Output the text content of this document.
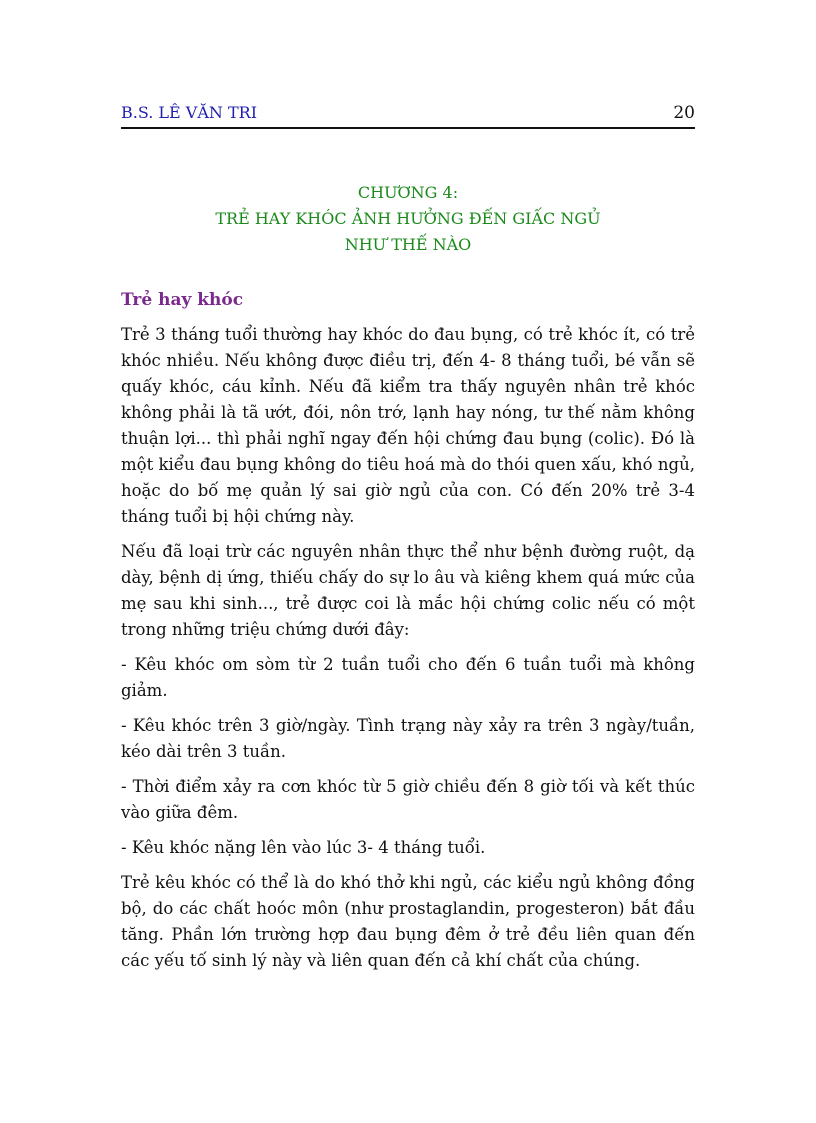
B.S. LÊ VĂN TRI	20
CHƯƠNG 4:
TRẺ HAY KHÓC ẢNH HƯỞNG ĐẾN GIẤC NGỦ
NHƯ THẾ NÀO
Trẻ hay khóc

Trẻ 3 tháng tuổi thường hay khóc do đau bụng, có trẻ khóc ít, có trẻ khóc nhiều. Nếu không được điều trị, đến 4- 8 tháng tuổi, bé vẫn sẽ quấy khóc, cáu kỉnh. Nếu đã kiểm tra thấy nguyên nhân trẻ khóc không phải là tã ướt, đói, nôn trớ, lạnh hay nóng, tư thế nằm không thuận lợi... thì phải nghĩ ngay đến hội chứng đau bụng (colic). Đó là một kiểu đau bụng không do tiêu hoá mà do thói quen xấu, khó ngủ, hoặc do bố mẹ quản lý sai giờ ngủ của con. Có đến 20% trẻ 3-4 tháng tuổi bị hội chứng này.

Nếu đã loại trừ các nguyên nhân thực thể như bệnh đường ruột, dạ dày, bệnh dị ứng, thiếu chấy do sự lo âu và kiêng khem quá mức của mẹ sau khi sinh..., trẻ được coi là mắc hội chứng colic nếu có một trong những triệu chứng dưới đây:

- Kêu khóc om sòm từ 2 tuần tuổi cho đến 6 tuần tuổi mà không giảm.

- Kêu khóc trên 3 giờ/ngày. Tình trạng này xảy ra trên 3 ngày/tuần, kéo dài trên 3 tuần.

- Thời điểm xảy ra cơn khóc từ 5 giờ chiều đến 8 giờ tối và kết thúc vào giữa đêm.

- Kêu khóc nặng lên vào lúc 3- 4 tháng tuổi.

Trẻ kêu khóc có thể là do khó thở khi ngủ, các kiểu ngủ không đồng bộ, do các chất hoóc môn (như prostaglandin, progesteron) bắt đầu tăng. Phần lớn trường hợp đau bụng đêm ở trẻ đều liên quan đến các yếu tố sinh lý này và liên quan đến cả khí chất của chúng.
